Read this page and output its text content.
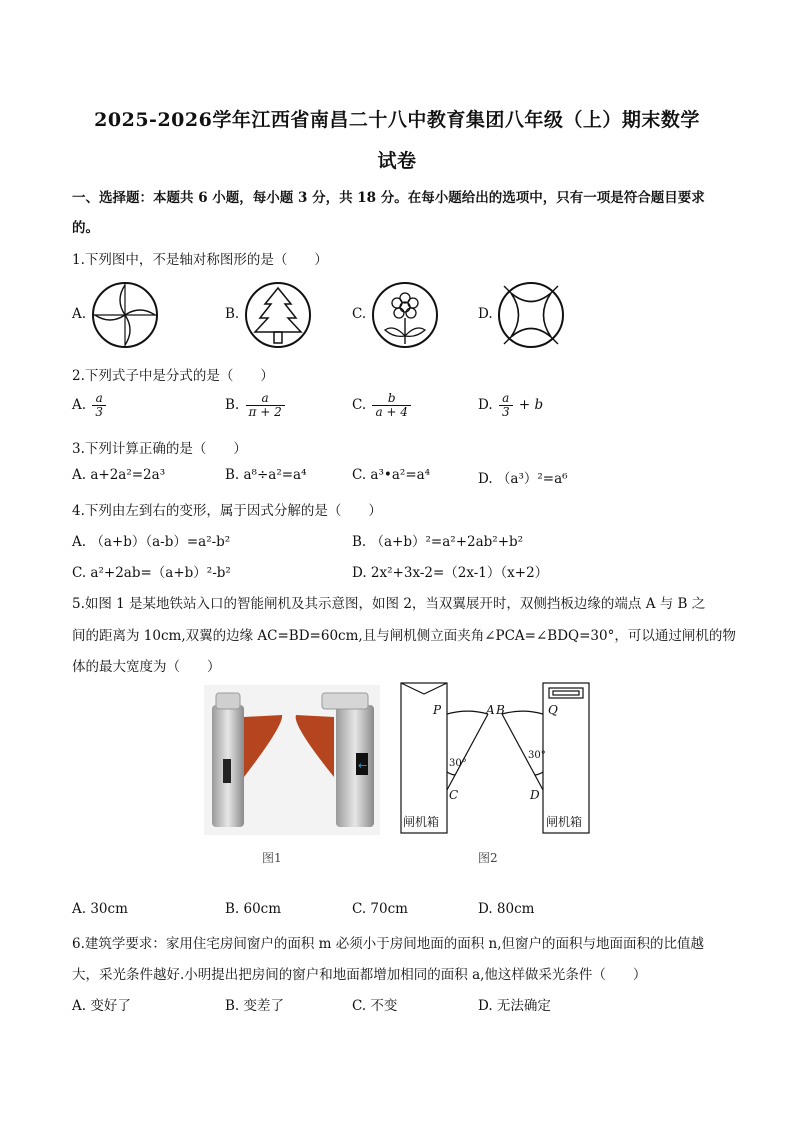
2025-2026学年江西省南昌二十八中教育集团八年级（上）期末数学
试卷
一、选择题：本题共 6 小题，每小题 3 分，共 18 分。在每小题给出的选项中，只有一项是符合题目要求
的。
1.下列图中，不是轴对称图形的是（　　）
A.	B.	C.	D.
2.下列式子中是分式的是（　　）
A. $\frac{a}{3}$	B. $\frac{a}{\pi + 2}$	C. $\frac{b}{a + 4}$	D. $\frac{a}{3} + b$
3.下列计算正确的是（　　）
A. a+2a²=2a³	B. a⁸÷a²=a⁴	C. a³•a²=a⁴	D. （a³）²=a⁶
4.下列由左到右的变形，属于因式分解的是（　　）
A. （a+b）（a-b）=a²-b²	B. （a+b）²=a²+2ab²+b²
C. a²+2ab=（a+b）²-b²	D. 2x²+3x-2=（2x-1）（x+2）
5.如图 1 是某地铁站入口的智能闸机及其示意图，如图 2，当双翼展开时，双侧挡板边缘的端点 A 与 B 之
间的距离为 10cm,双翼的边缘 AC=BD=60cm,且与闸机侧立面夹角∠PCA=∠BDQ=30°，可以通过闸机的物
体的最大宽度为（　　）
←
图1
P	A B	Q
30°
30°
C	D
闸机箱	闸机箱
图2
A. 30cm	B. 60cm	C. 70cm	D. 80cm
6.建筑学要求：家用住宅房间窗户的面积 m 必须小于房间地面的面积 n,但窗户的面积与地面面积的比值越
大，采光条件越好.小明提出把房间的窗户和地面都增加相同的面积 a,他这样做采光条件（　　）
A. 变好了	B. 变差了	C. 不变	D. 无法确定
